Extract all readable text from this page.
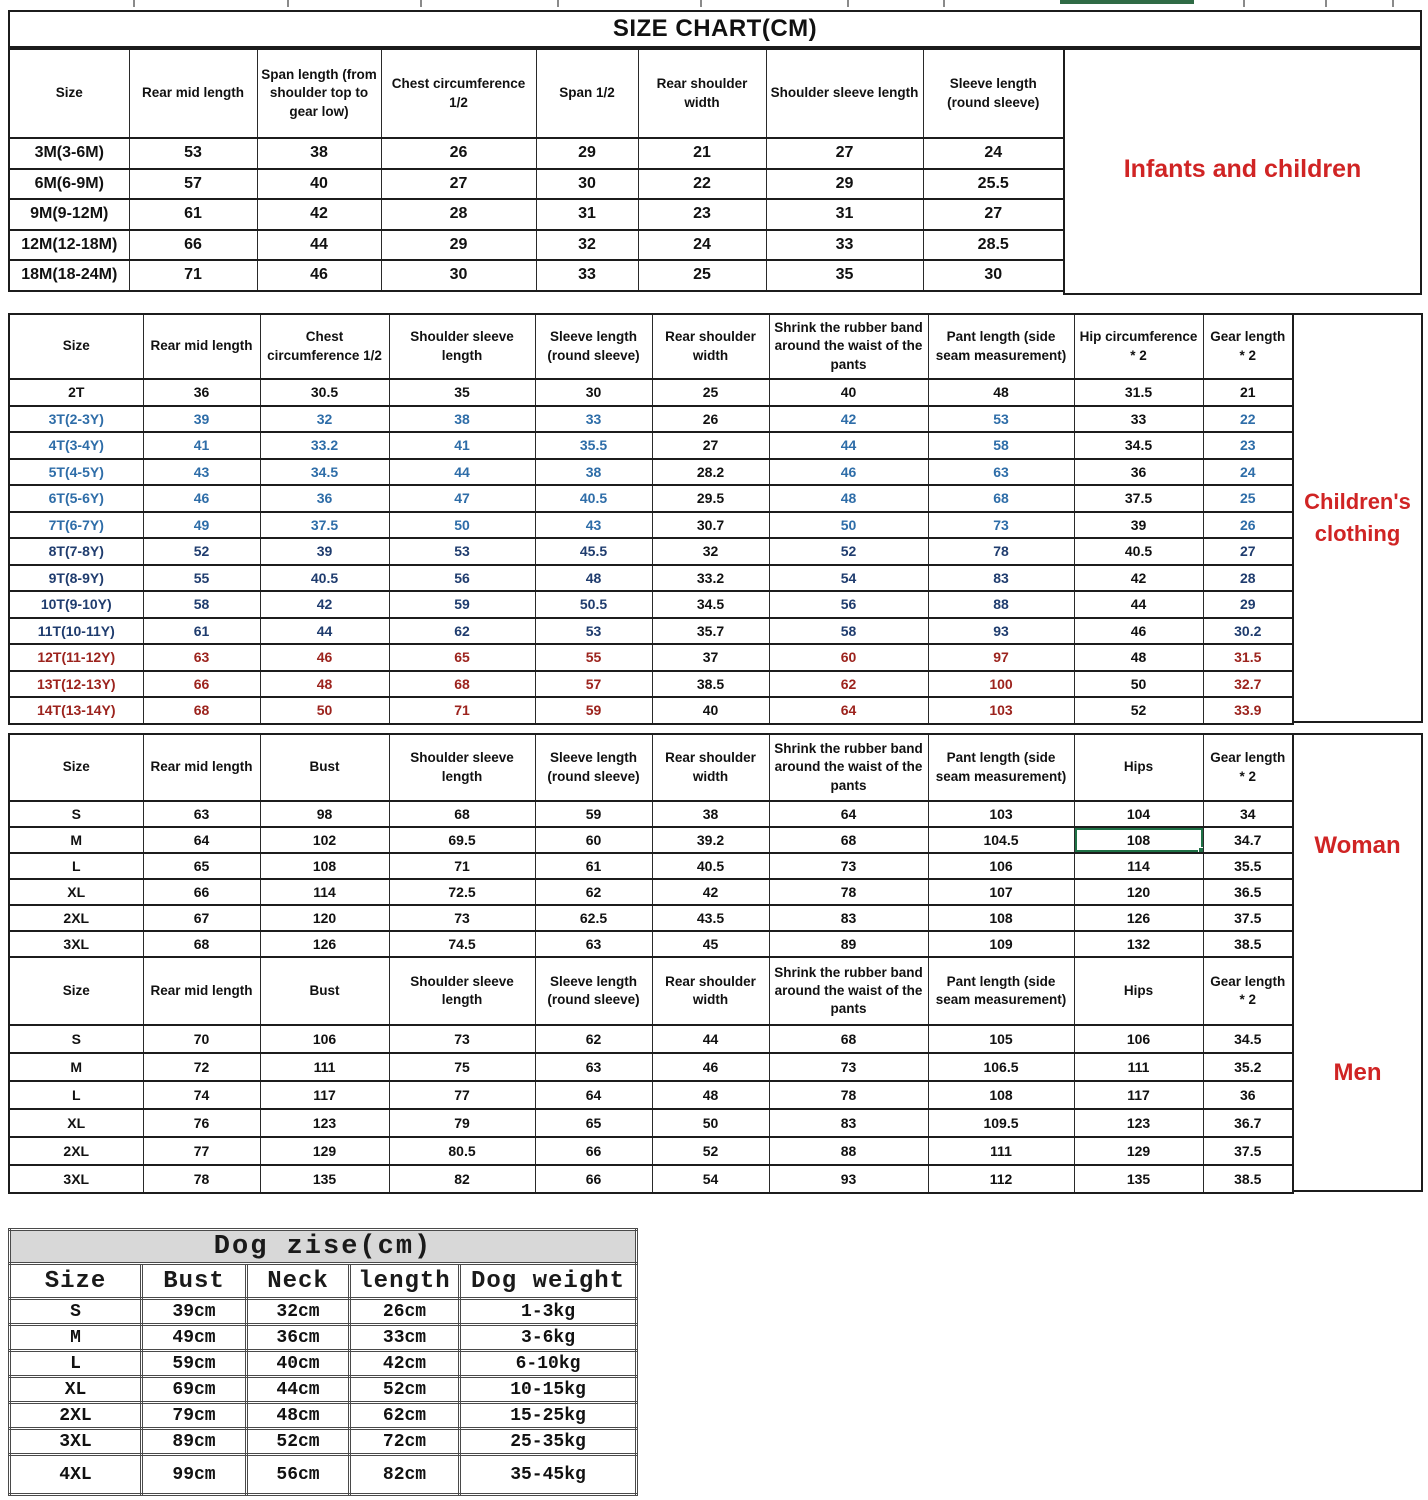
SIZE CHART(CM)
Size	Rear mid length	Span length (from shoulder top to gear low)	Chest circumference 1/2	Span 1/2	Rear shoulder width	Shoulder sleeve length	Sleeve length (round sleeve)
3M(3-6M)	53	38	26	29	21	27	24
6M(6-9M)	57	40	27	30	22	29	25.5
9M(9-12M)	61	42	28	31	23	31	27
12M(12-18M)	66	44	29	32	24	33	28.5
18M(18-24M)	71	46	30	33	25	35	30
Infants and children
Size	Rear mid length	Chest circumference 1/2	Shoulder sleeve length	Sleeve length (round sleeve)	Rear shoulder width	Shrink the rubber band around the waist of the pants	Pant length (side seam measurement)	Hip circumference * 2	Gear length * 2
2T	36	30.5	35	30	25	40	48	31.5	21
3T(2-3Y)	39	32	38	33	26	42	53	33	22
4T(3-4Y)	41	33.2	41	35.5	27	44	58	34.5	23
5T(4-5Y)	43	34.5	44	38	28.2	46	63	36	24
6T(5-6Y)	46	36	47	40.5	29.5	48	68	37.5	25
7T(6-7Y)	49	37.5	50	43	30.7	50	73	39	26
8T(7-8Y)	52	39	53	45.5	32	52	78	40.5	27
9T(8-9Y)	55	40.5	56	48	33.2	54	83	42	28
10T(9-10Y)	58	42	59	50.5	34.5	56	88	44	29
11T(10-11Y)	61	44	62	53	35.7	58	93	46	30.2
12T(11-12Y)	63	46	65	55	37	60	97	48	31.5
13T(12-13Y)	66	48	68	57	38.5	62	100	50	32.7
14T(13-14Y)	68	50	71	59	40	64	103	52	33.9
Children's clothing
Size	Rear mid length	Bust	Shoulder sleeve length	Sleeve length (round sleeve)	Rear shoulder width	Shrink the rubber band around the waist of the pants	Pant length (side seam measurement)	Hips	Gear length * 2
S	63	98	68	59	38	64	103	104	34
M	64	102	69.5	60	39.2	68	104.5	108	34.7
L	65	108	71	61	40.5	73	106	114	35.5
XL	66	114	72.5	62	42	78	107	120	36.5
2XL	67	120	73	62.5	43.5	83	108	126	37.5
3XL	68	126	74.5	63	45	89	109	132	38.5
Size	Rear mid length	Bust	Shoulder sleeve length	Sleeve length (round sleeve)	Rear shoulder width	Shrink the rubber band around the waist of the pants	Pant length (side seam measurement)	Hips	Gear length * 2
S	70	106	73	62	44	68	105	106	34.5
M	72	111	75	63	46	73	106.5	111	35.2
L	74	117	77	64	48	78	108	117	36
XL	76	123	79	65	50	83	109.5	123	36.7
2XL	77	129	80.5	66	52	88	111	129	37.5
3XL	78	135	82	66	54	93	112	135	38.5
Woman
Men
Dog zise(cm)				
Size	Bust	Neck	length	Dog weight
S	39cm	32cm	26cm	1-3kg
M	49cm	36cm	33cm	3-6kg
L	59cm	40cm	42cm	6-10kg
XL	69cm	44cm	52cm	10-15kg
2XL	79cm	48cm	62cm	15-25kg
3XL	89cm	52cm	72cm	25-35kg
4XL	99cm	56cm	82cm	35-45kg
